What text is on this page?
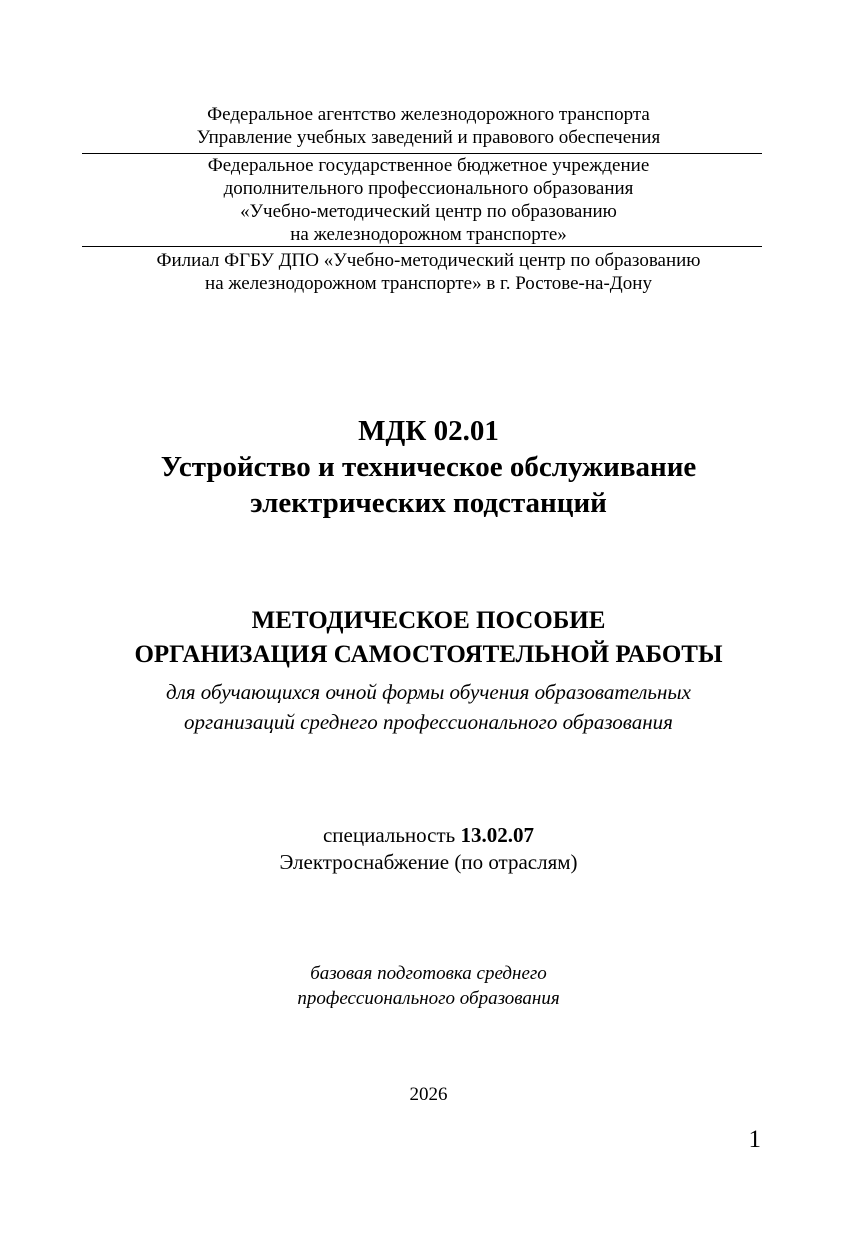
Федеральное агентство железнодорожного транспорта
Управление учебных заведений и правового обеспечения
Федеральное государственное бюджетное учреждение
дополнительного профессионального образования
«Учебно-методический центр по образованию
на железнодорожном транспорте»
Филиал ФГБУ ДПО «Учебно-методический центр по образованию
на железнодорожном транспорте» в г. Ростове-на-Дону
МДК 02.01
Устройство и техническое обслуживание
электрических подстанций
МЕТОДИЧЕСКОЕ ПОСОБИЕ
ОРГАНИЗАЦИЯ САМОСТОЯТЕЛЬНОЙ РАБОТЫ
для обучающихся очной формы обучения образовательных
организаций среднего профессионального образования
специальность 13.02.07
Электроснабжение (по отраслям)
базовая подготовка среднего
профессионального образования
2026
1
